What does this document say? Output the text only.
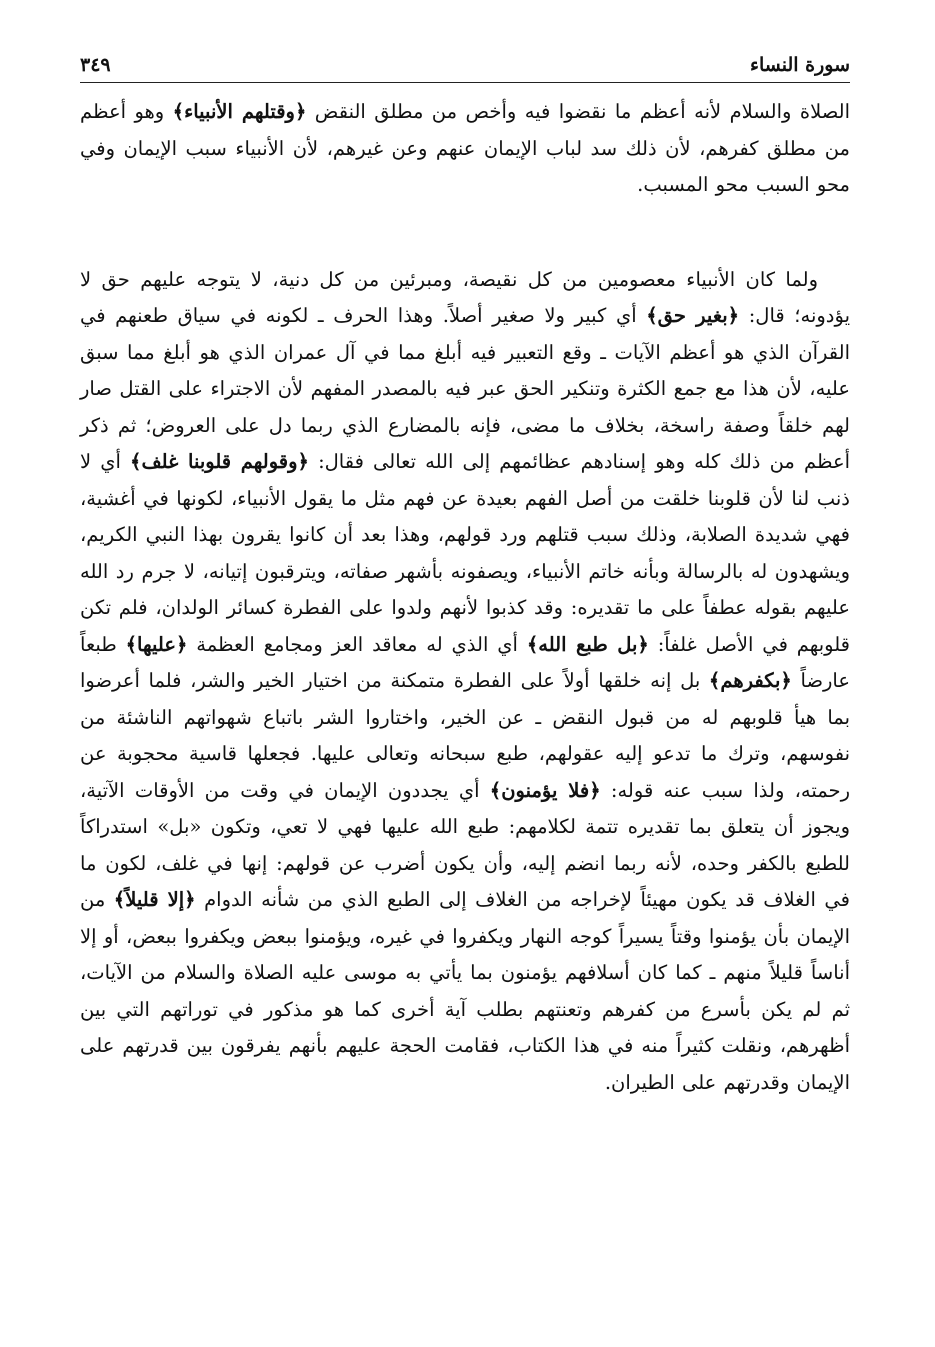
سورة النساء
٣٤٩

الصلاة والسلام لأنه أعظم ما نقضوا فيه وأخص من مطلق النقض ﴿وقتلهم الأنبياء﴾ وهو أعظم من مطلق كفرهم، لأن ذلك سد لباب الإيمان عنهم وعن غيرهم، لأن الأنبياء سبب الإيمان وفي محو السبب محو المسبب.

ولما كان الأنبياء معصومين من كل نقيصة، ومبرئين من كل دنية، لا يتوجه عليهم حق لا يؤدونه؛ قال: ﴿بغير حق﴾ أي كبير ولا صغير أصلاً. وهذا الحرف ـ لكونه في سياق طعنهم في القرآن الذي هو أعظم الآيات ـ وقع التعبير فيه أبلغ مما في آل عمران الذي هو أبلغ مما سبق عليه، لأن هذا مع جمع الكثرة وتنكير الحق عبر فيه بالمصدر المفهم لأن الاجتراء على القتل صار لهم خلقاً وصفة راسخة، بخلاف ما مضى، فإنه بالمضارع الذي ربما دل على العروض؛ ثم ذكر أعظم من ذلك كله وهو إسنادهم عظائمهم إلى الله تعالى فقال: ﴿وقولهم قلوبنا غلف﴾ أي لا ذنب لنا لأن قلوبنا خلقت من أصل الفهم بعيدة عن فهم مثل ما يقول الأنبياء، لكونها في أغشية، فهي شديدة الصلابة، وذلك سبب قتلهم ورد قولهم، وهذا بعد أن كانوا يقرون بهذا النبي الكريم، ويشهدون له بالرسالة وبأنه خاتم الأنبياء، ويصفونه بأشهر صفاته، ويترقبون إتيانه، لا جرم رد الله عليهم بقوله عطفاً على ما تقديره: وقد كذبوا لأنهم ولدوا على الفطرة كسائر الولدان، فلم تكن قلوبهم في الأصل غلفاً: ﴿بل طبع الله﴾ أي الذي له معاقد العز ومجامع العظمة ﴿عليها﴾ طبعاً عارضاً ﴿بكفرهم﴾ بل إنه خلقها أولاً على الفطرة متمكنة من اختيار الخير والشر، فلما أعرضوا بما هيأ قلوبهم له من قبول النقض ـ عن الخير، واختاروا الشر باتباع شهواتهم الناشئة من نفوسهم، وترك ما تدعو إليه عقولهم، طبع سبحانه وتعالى عليها. فجعلها قاسية محجوبة عن رحمته، ولذا سبب عنه قوله: ﴿فلا يؤمنون﴾ أي يجددون الإيمان في وقت من الأوقات الآتية، ويجوز أن يتعلق بما تقديره تتمة لكلامهم: طبع الله عليها فهي لا تعي، وتكون «بل» استدراكاً للطبع بالكفر وحده، لأنه ربما انضم إليه، وأن يكون أضرب عن قولهم: إنها في غلف، لكون ما في الغلاف قد يكون مهيئاً لإخراجه من الغلاف إلى الطبع الذي من شأنه الدوام ﴿إلا قليلاً﴾ من الإيمان بأن يؤمنوا وقتاً يسيراً كوجه النهار ويكفروا في غيره، ويؤمنوا ببعض ويكفروا ببعض، أو إلا أناساً قليلاً منهم ـ كما كان أسلافهم يؤمنون بما يأتي به موسى عليه الصلاة والسلام من الآيات، ثم لم يكن بأسرع من كفرهم وتعنتهم بطلب آية أخرى كما هو مذكور في توراتهم التي بين أظهرهم، ونقلت كثيراً منه في هذا الكتاب، فقامت الحجة عليهم بأنهم يفرقون بين قدرتهم على الإيمان وقدرتهم على الطيران.
